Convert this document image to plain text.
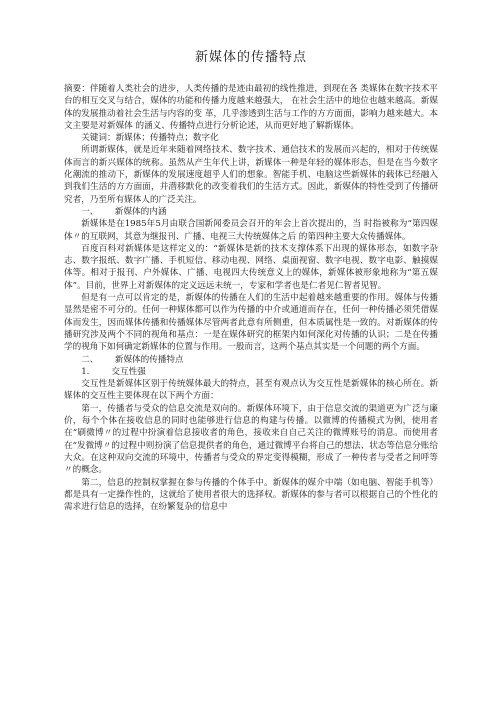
新媒体的传播特点

摘要：伴随着人类社会的进步，人类传播的是迹由最初的线性推进，到现在各 类媒体在数字技术平台的相互交叉与结合，媒体的功能和传播力度越来越强大， 在社会生活中的地位也越来越高。新媒体的发展推动着社会生活与内容的变 革，几乎渗透到生活与工作的方方面面，影响力越来越大。本文主要是对新媒体 的涵义、传播特点进行分析论述，从而更好地了解新媒体。

关键词：新媒体；传播特点；数字化

所谓新媒体，就是近年来随着网络技术、数字技术、通信技术的发展而兴起的，相对于传统媒体而言的新兴媒体的统称。虽然从产生年代上讲，新媒体一种是年轻的媒体形态，但是在当今数字化潮流的推动下，新媒体的发展速度超乎人们的想象。智能手机、电脑这些新媒体的载体已经融入到我们生活的方方面面，并潜移默化的改变着我们的生活方式。因此，新媒体的特性受到了传播研究者，乃至所有媒体人的广泛关注。

一、 新媒体的内涵

新媒体是在1985年5月由联合国新闻委员会召开的年会上首次提出的，当 时指被称为“第四媒体〃的互联网，其意为继报刊、广播、电视三大传统媒体之后 的第四种主要大众传播媒体。

百度百科对新媒体是这样定义的：“新媒体是新的技术支撑体系下出现的媒体形态，如数字杂志、数字报纸、数字广播、手机短信、移动电视、网络、桌面视窗、数字电视、数字电影、触摸媒体等。相对于报刊、户外媒体、广播、电视四大传统意义上的媒体，新媒体被形象地称为“第五媒体”。目前，世界上对新媒体的定义远远未统一，专家和学者也是仁者见仁智者见智。

但是有一点可以肯定的是，新媒体的传播在人们的生活中起着越来越重要的作用。媒体与传播显然是密不可分的。任何一种媒体都可以作为传播的中介或通道而存在，任何一种传播必须凭借媒体而发生，因而媒体传播和传播媒体尽管两者此意有所侧重，但本质属性是一致的。对新媒体的传播研究涉及两个不同的视角和基点：一是在媒体研究的框架内如何深化对传播的认识；二是在传播学的视角下如何确定新媒体的位置与作用。一般而言，这两个基点其实是一个问题的两个方面。

二、 新媒体的传播特点
1.	交互性强

交互性是新媒体区别于传统媒体最大的特点，甚至有观点认为交互性是新媒体的核心所在。新媒体的交互性主要体现在以下两个方面：

第一，传播者与受众的信息交流是双向的。新媒体环境下，由于信息交流的渠道更为广泛与廉价，每个个体在接收信息的同时也能够进行信息的构建与传播。以微博的传播模式为例，使用者在“刷微博〃的过程中扮演着信息接收者的角色，接收来自自己关注的微博账号的消息。而使用者在“发微博〃的过程中则扮演了信息提供者的角色，通过微博平台将自己的想法、状态等信息分账给大众。在这种双向交流的环境中，传播者与受众的界定变得模糊，形成了一种传者与受者之间呼等〃的概念。

第二，信息的控制权掌握在参与传播的个体手中。新媒体的媒介中端（如电脑、智能手机等）都是具有一定操作性的，这就给了使用者很大的选择权。新媒体的参与者可以根据自己的个性化的需求进行信息的选择，在纷繁复杂的信息中
